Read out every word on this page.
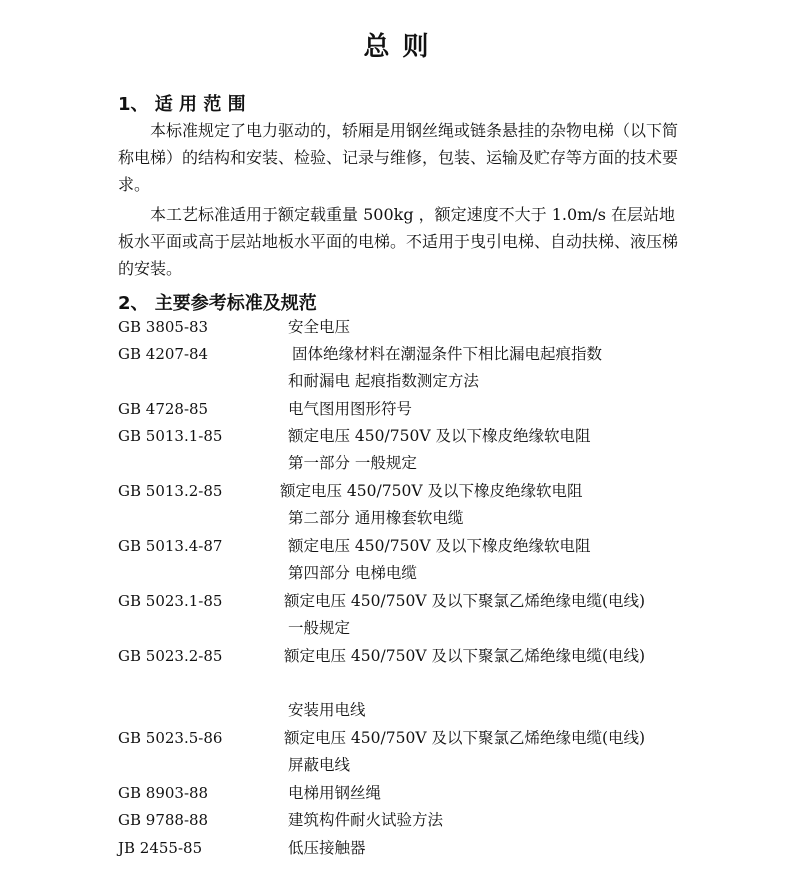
总 则
1、 适 用 范 围
本标准规定了电力驱动的，轿厢是用钢丝绳或链条悬挂的杂物电梯（以下简称电梯）的结构和安装、检验、记录与维修，包装、运输及贮存等方面的技术要求。
本工艺标准适用于额定载重量 500kg ，额定速度不大于 1.0m/s 在层站地板水平面或高于层站地板水平面的电梯。不适用于曳引电梯、自动扶梯、液压梯的安装。
2、 主要参考标准及规范
GB 3805-83	安全电压
GB 4207-84	固体绝缘材料在潮湿条件下相比漏电起痕指数
和耐漏电 起痕指数测定方法
GB 4728-85	电气图用图形符号
GB 5013.1-85	额定电压 450/750V 及以下橡皮绝缘软电阻
第一部分 一般规定
GB 5013.2-85	额定电压 450/750V 及以下橡皮绝缘软电阻
第二部分 通用橡套软电缆
GB 5013.4-87	额定电压 450/750V 及以下橡皮绝缘软电阻
第四部分 电梯电缆
GB 5023.1-85	额定电压 450/750V 及以下聚氯乙烯绝缘电缆(电线)
一般规定
GB 5023.2-85	额定电压 450/750V 及以下聚氯乙烯绝缘电缆(电线)
安装用电线
GB 5023.5-86	额定电压 450/750V 及以下聚氯乙烯绝缘电缆(电线)
屏蔽电线
GB 8903-88	电梯用钢丝绳
GB 9788-88	建筑构件耐火试验方法
JB 2455-85	低压接触器
